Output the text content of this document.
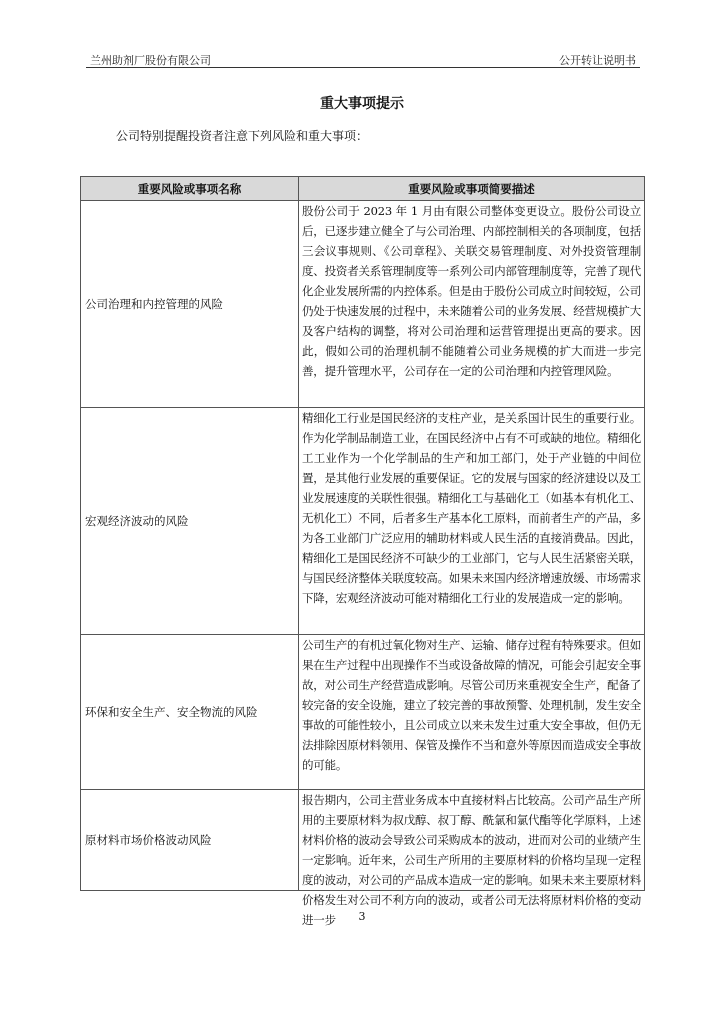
兰州助剂厂股份有限公司	公开转让说明书
重大事项提示
公司特别提醒投资者注意下列风险和重大事项：
重要风险或事项名称	重要风险或事项简要描述
公司治理和内控管理的风险	股份公司于 2023 年 1 月由有限公司整体变更设立。股份公司设立后，已逐步建立健全了与公司治理、内部控制相关的各项制度，包括三会议事规则、《公司章程》、关联交易管理制度、对外投资管理制度、投资者关系管理制度等一系列公司内部管理制度等，完善了现代化企业发展所需的内控体系。但是由于股份公司成立时间较短，公司仍处于快速发展的过程中，未来随着公司的业务发展、经营规模扩大及客户结构的调整，将对公司治理和运营管理提出更高的要求。因此，假如公司的治理机制不能随着公司业务规模的扩大而进一步完善，提升管理水平，公司存在一定的公司治理和内控管理风险。
宏观经济波动的风险	精细化工行业是国民经济的支柱产业，是关系国计民生的重要行业。作为化学制品制造工业，在国民经济中占有不可或缺的地位。精细化工工业作为一个化学制品的生产和加工部门，处于产业链的中间位置，是其他行业发展的重要保证。它的发展与国家的经济建设以及工业发展速度的关联性很强。精细化工与基础化工（如基本有机化工、无机化工）不同，后者多生产基本化工原料，而前者生产的产品，多为各工业部门广泛应用的辅助材料或人民生活的直接消费品。因此，精细化工是国民经济不可缺少的工业部门，它与人民生活紧密关联，与国民经济整体关联度较高。如果未来国内经济增速放缓、市场需求下降，宏观经济波动可能对精细化工行业的发展造成一定的影响。
环保和安全生产、安全物流的风险	公司生产的有机过氧化物对生产、运输、储存过程有特殊要求。但如果在生产过程中出现操作不当或设备故障的情况，可能会引起安全事故，对公司生产经营造成影响。尽管公司历来重视安全生产，配备了较完备的安全设施，建立了较完善的事故预警、处理机制，发生安全事故的可能性较小，且公司成立以来未发生过重大安全事故，但仍无法排除因原材料领用、保管及操作不当和意外等原因而造成安全事故的可能。
原材料市场价格波动风险	报告期内，公司主营业务成本中直接材料占比较高。公司产品生产所用的主要原材料为叔戊醇、叔丁醇、酰氯和氯代酯等化学原料，上述材料价格的波动会导致公司采购成本的波动，进而对公司的业绩产生一定影响。近年来，公司生产所用的主要原材料的价格均呈现一定程度的波动，对公司的产品成本造成一定的影响。如果未来主要原材料价格发生对公司不利方向的波动，或者公司无法将原材料价格的变动进一步	3
